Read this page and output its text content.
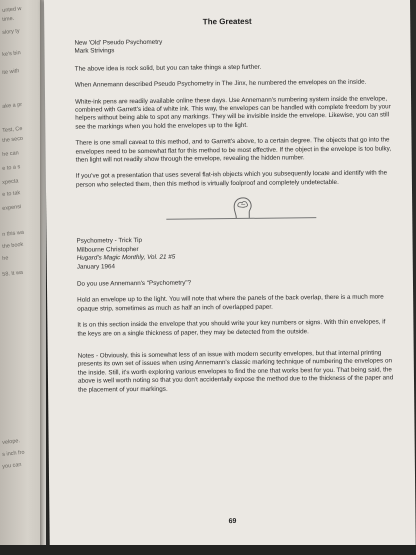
unted w
time.
slory ty
ke's bin
ite with
ake a pr
Test, Ce
the seco
he can
e to a s
xpecta
e to tak
expensi
n this wa
the book
he
58. It wa
velope.
s inch fro
you can
The Greatest
New 'Old' Pseudo Psychometry
Mark Strivings

The above idea is rock solid, but you can take things a step further.

When Annemann described Pseudo Psychometry in The Jinx, he numbered the envelopes on the inside.

White-ink pens are readily available online these days. Use Annemann's numbering system inside the envelope, combined with Garrett's idea of white ink. This way, the envelopes can be handled with complete freedom by your helpers without being able to spot any markings. They will be invisible inside the envelope. Likewise, you can still see the markings when you hold the envelopes up to the light.

There is one small caveat to this method, and to Garrett's above, to a certain degree. The objects that go into the envelopes need to be somewhat flat for this method to be most effective. If the object in the envelope is too bulky, then light will not readily show through the envelope, revealing the hidden number.

If you've got a presentation that uses several flat-ish objects which you subsequently locate and identify with the person who selected them, then this method is virtually foolproof and completely undetectable.

Psychometry - Trick Tip
Milbourne Christopher
Hugard's Magic Monthly, Vol. 21 #5
January 1964

Do you use Annemann's "Psychometry"?

Hold an envelope up to the light. You will note that where the panels of the back overlap, there is a much more opaque strip, sometimes as much as half an inch of overlapped paper.

It is on this section inside the envelope that you should write your key numbers or signs. With thin envelopes, if the keys are on a single thickness of paper, they may be detected from the outside.

Notes - Obviously, this is somewhat less of an issue with modern security envelopes, but that internal printing presents its own set of issues when using Annemann's classic marking technique of numbering the envelopes on the inside. Still, it's worth exploring various envelopes to find the one that works best for you. That being said, the above is well worth noting so that you don't accidentally expose the method due to the thickness of the paper and the placement of your markings.

69
